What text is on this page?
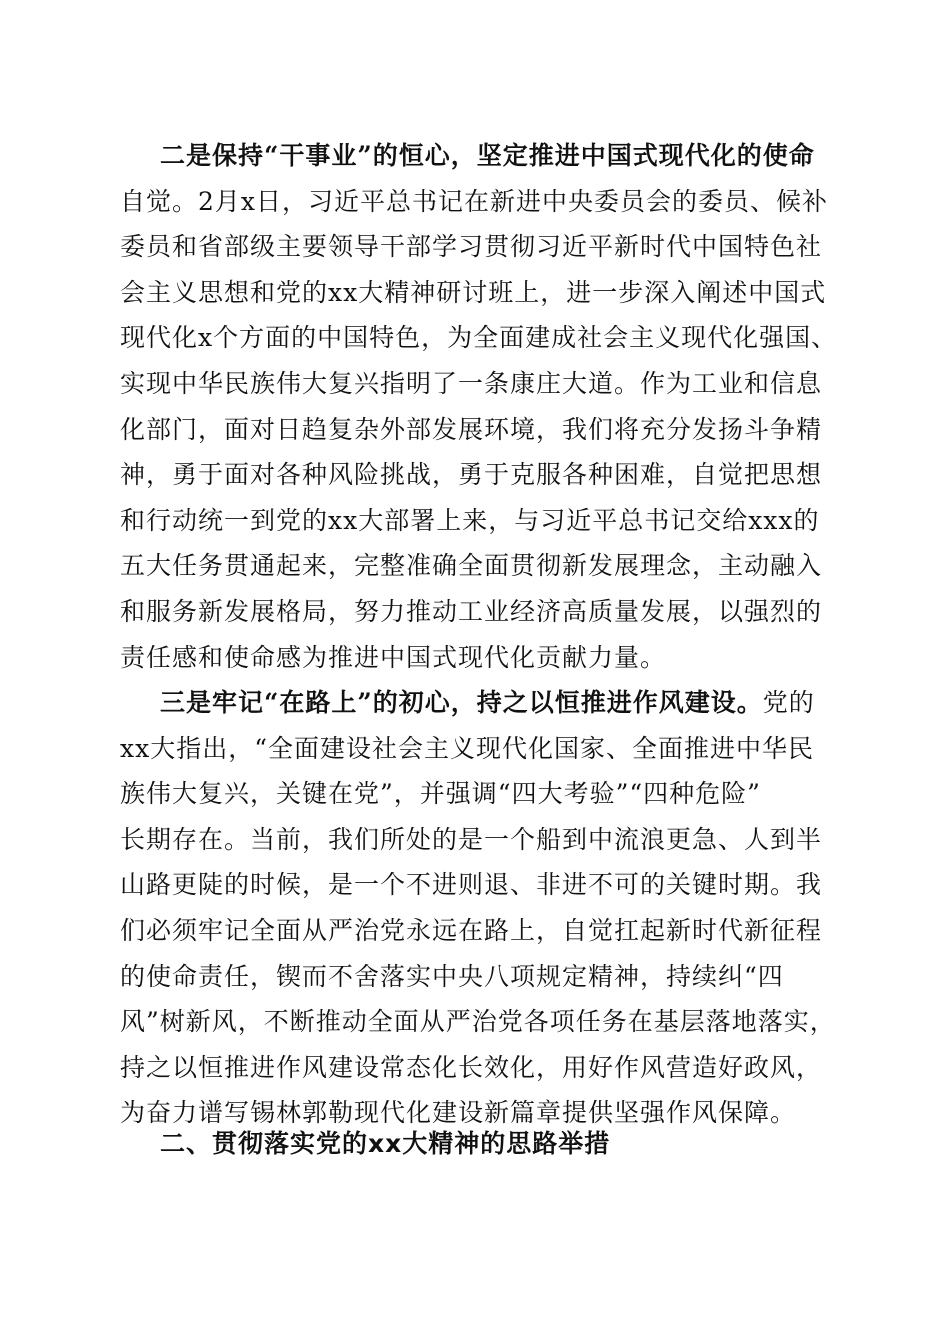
二是保持“干事业”的恒心，坚定推进中国式现代化的使命
自觉。2月x日，习近平总书记在新进中央委员会的委员、候补
委员和省部级主要领导干部学习贯彻习近平新时代中国特色社
会主义思想和党的xx大精神研讨班上，进一步深入阐述中国式
现代化x个方面的中国特色，为全面建成社会主义现代化强国、
实现中华民族伟大复兴指明了一条康庄大道。作为工业和信息
化部门，面对日趋复杂外部发展环境，我们将充分发扬斗争精
神，勇于面对各种风险挑战，勇于克服各种困难，自觉把思想
和行动统一到党的xx大部署上来，与习近平总书记交给xxx的
五大任务贯通起来，完整准确全面贯彻新发展理念，主动融入
和服务新发展格局，努力推动工业经济高质量发展，以强烈的
责任感和使命感为推进中国式现代化贡献力量。
三是牢记“在路上”的初心，持之以恒推进作风建设。党的
xx大指出，“全面建设社会主义现代化国家、全面推进中华民
族伟大复兴，关键在党”，并强调“四大考验”“四种危险”
长期存在。当前，我们所处的是一个船到中流浪更急、人到半
山路更陡的时候，是一个不进则退、非进不可的关键时期。我
们必须牢记全面从严治党永远在路上，自觉扛起新时代新征程
的使命责任，锲而不舍落实中央八项规定精神，持续纠“四
风”树新风，不断推动全面从严治党各项任务在基层落地落实，
持之以恒推进作风建设常态化长效化，用好作风营造好政风，
为奋力谱写锡林郭勒现代化建设新篇章提供坚强作风保障。
二、贯彻落实党的xx大精神的思路举措
